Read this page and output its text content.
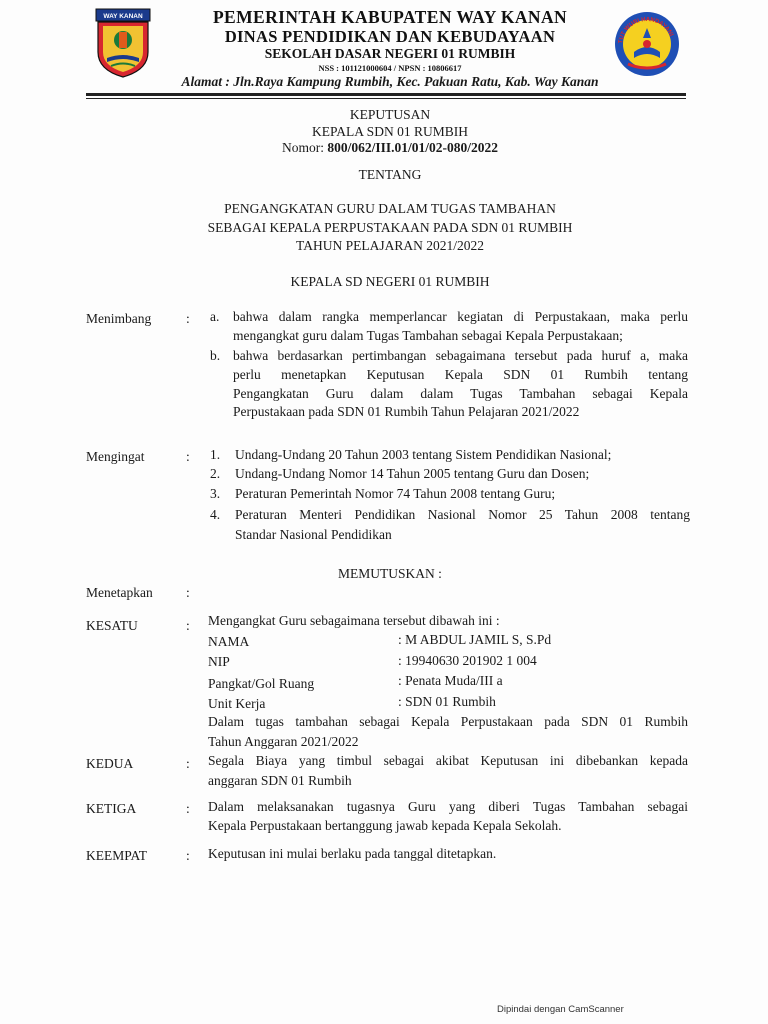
WAY KANAN	PEMERINTAH KABUPATEN WAY KANAN
DINAS PENDIDIKAN DAN KEBUDAYAAN
SEKOLAH DASAR NEGERI 01 RUMBIH
NSS : 101121000604 / NPSN : 10806617
TUT WURI HANDAYANI
Alamat : Jln.Raya Kampung Rumbih, Kec. Pakuan Ratu, Kab. Way Kanan
KEPUTUSAN
KEPALA SDN 01 RUMBIH
Nomor: 800/062/III.01/01/02-080/2022
TENTANG
PENGANGKATAN GURU DALAM TUGAS TAMBAHAN
SEBAGAI KEPALA PERPUSTAKAAN PADA SDN 01 RUMBIH
TAHUN PELAJARAN 2021/2022
KEPALA SD NEGERI 01 RUMBIH
Menimbang	: a. bahwa dalam rangka memperlancar kegiatan di Perpustakaan, maka perlu
mengangkat guru dalam Tugas Tambahan sebagai Kepala Perpustakaan;
b. bahwa berdasarkan pertimbangan sebagaimana tersebut pada huruf a, maka
perlu menetapkan Keputusan Kepala SDN 01 Rumbih tentang
Pengangkatan Guru dalam dalam Tugas Tambahan sebagai Kepala
Perpustakaan pada SDN 01 Rumbih Tahun Pelajaran 2021/2022
Mengingat	: 1. Undang-Undang 20 Tahun 2003 tentang Sistem Pendidikan Nasional;
2. Undang-Undang Nomor 14 Tahun 2005 tentang Guru dan Dosen;
3. Peraturan Pemerintah Nomor 74 Tahun 2008 tentang Guru;
4. Peraturan Menteri Pendidikan Nasional Nomor 25 Tahun 2008 tentang
Standar Nasional Pendidikan
MEMUTUSKAN :
Menetapkan :
KESATU	: Mengangkat Guru sebagaimana tersebut dibawah ini :
NAMA	: M ABDUL JAMIL S, S.Pd
NIP	: 19940630 201902 1 004
Pangkat/Gol Ruang	: Penata Muda/III a
Unit Kerja	: SDN 01 Rumbih
Dalam tugas tambahan sebagai Kepala Perpustakaan pada SDN 01 Rumbih
Tahun Anggaran 2021/2022
KEDUA	: Segala Biaya yang timbul sebagai akibat Keputusan ini dibebankan kepada
anggaran SDN 01 Rumbih
KETIGA	: Dalam melaksanakan tugasnya Guru yang diberi Tugas Tambahan sebagai
Kepala Perpustakaan bertanggung jawab kepada Kepala Sekolah.
KEEMPAT	: Keputusan ini mulai berlaku pada tanggal ditetapkan.
Dipindai dengan CamScanner
